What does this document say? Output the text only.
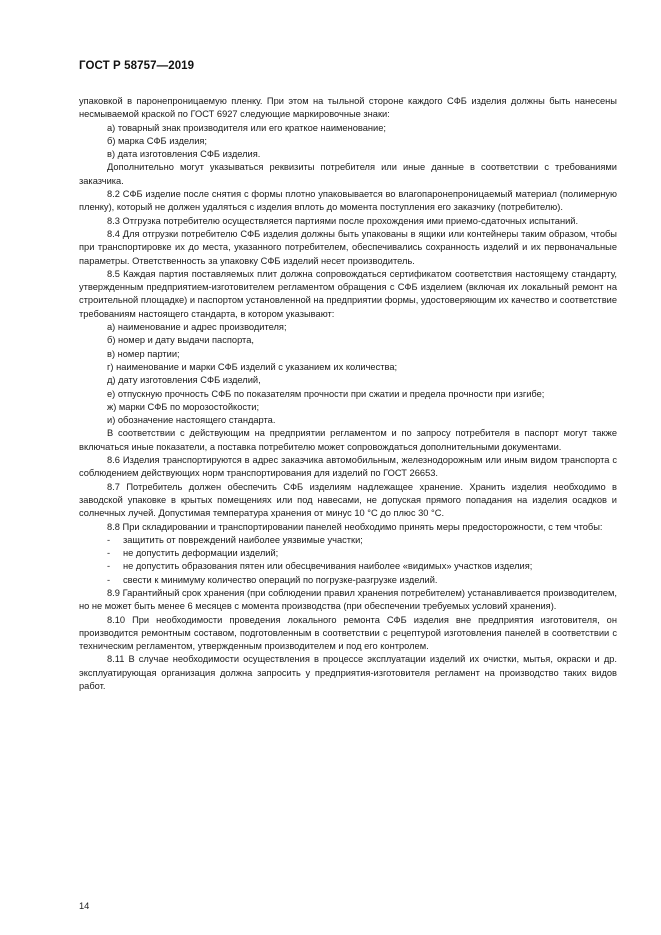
ГОСТ Р 58757—2019

упаковкой в паронепроницаемую пленку. При этом на тыльной стороне каждого СФБ изделия должны быть нанесены несмываемой краской по ГОСТ 6927 следующие маркировочные знаки:

а) товарный знак производителя или его краткое наименование;

б) марка СФБ изделия;

в) дата изготовления СФБ изделия.

Дополнительно могут указываться реквизиты потребителя или иные данные в соответствии с требованиями заказчика.

8.2 СФБ изделие после снятия с формы плотно упаковывается во влагопаронепроницаемый материал (полимерную пленку), который не должен удаляться с изделия вплоть до момента поступления его заказчику (потребителю).

8.3 Отгрузка потребителю осуществляется партиями после прохождения ими приемо-сдаточных испытаний.

8.4 Для отгрузки потребителю СФБ изделия должны быть упакованы в ящики или контейнеры таким образом, чтобы при транспортировке их до места, указанного потребителем, обеспечивались сохранность изделий и их первоначальные параметры. Ответственность за упаковку СФБ изделий несет производитель.

8.5 Каждая партия поставляемых плит должна сопровождаться сертификатом соответствия настоящему стандарту, утвержденным предприятием-изготовителем регламентом обращения с СФБ изделием (включая их локальный ремонт на строительной площадке) и паспортом установленной на предприятии формы, удостоверяющим их качество и соответствие требованиям настоящего стандарта, в котором указывают:

а) наименование и адрес производителя;

б) номер и дату выдачи паспорта,

в) номер партии;

г) наименование и марки СФБ изделий с указанием их количества;

д) дату изготовления СФБ изделий,

е) отпускную прочность СФБ по показателям прочности при сжатии и предела прочности при изгибе;

ж) марки СФБ по морозостойкости;

и) обозначение настоящего стандарта.

В соответствии с действующим на предприятии регламентом и по запросу потребителя в паспорт могут также включаться иные показатели, а поставка потребителю может сопровождаться дополнительными документами.

8.6 Изделия транспортируются в адрес заказчика автомобильным, железнодорожным или иным видом транспорта с соблюдением действующих норм транспортирования для изделий по ГОСТ 26653.

8.7 Потребитель должен обеспечить СФБ изделиям надлежащее хранение. Хранить изделия необходимо в заводской упаковке в крытых помещениях или под навесами, не допуская прямого попадания на изделия осадков и солнечных лучей. Допустимая температура хранения от минус 10 °С до плюс 30 °С.

8.8 При складировании и транспортировании панелей необходимо принять меры предосторожности, с тем чтобы:

-	защитить от повреждений наиболее уязвимые участки;

-	не допустить деформации изделий;

-	не допустить образования пятен или обесцвечивания наиболее «видимых» участков изделия;

-	свести к минимуму количество операций по погрузке-разгрузке изделий.

8.9 Гарантийный срок хранения (при соблюдении правил хранения потребителем) устанавливается производителем, но не может быть менее 6 месяцев с момента производства (при обеспечении требуемых условий хранения).

8.10 При необходимости проведения локального ремонта СФБ изделия вне предприятия изготовителя, он производится ремонтным составом, подготовленным в соответствии с рецептурой изготовления панелей в соответствии с техническим регламентом, утвержденным производителем и под его контролем.

8.11 В случае необходимости осуществления в процессе эксплуатации изделий их очистки, мытья, окраски и др. эксплуатирующая организация должна запросить у предприятия-изготовителя регламент на производство таких видов работ.

14
